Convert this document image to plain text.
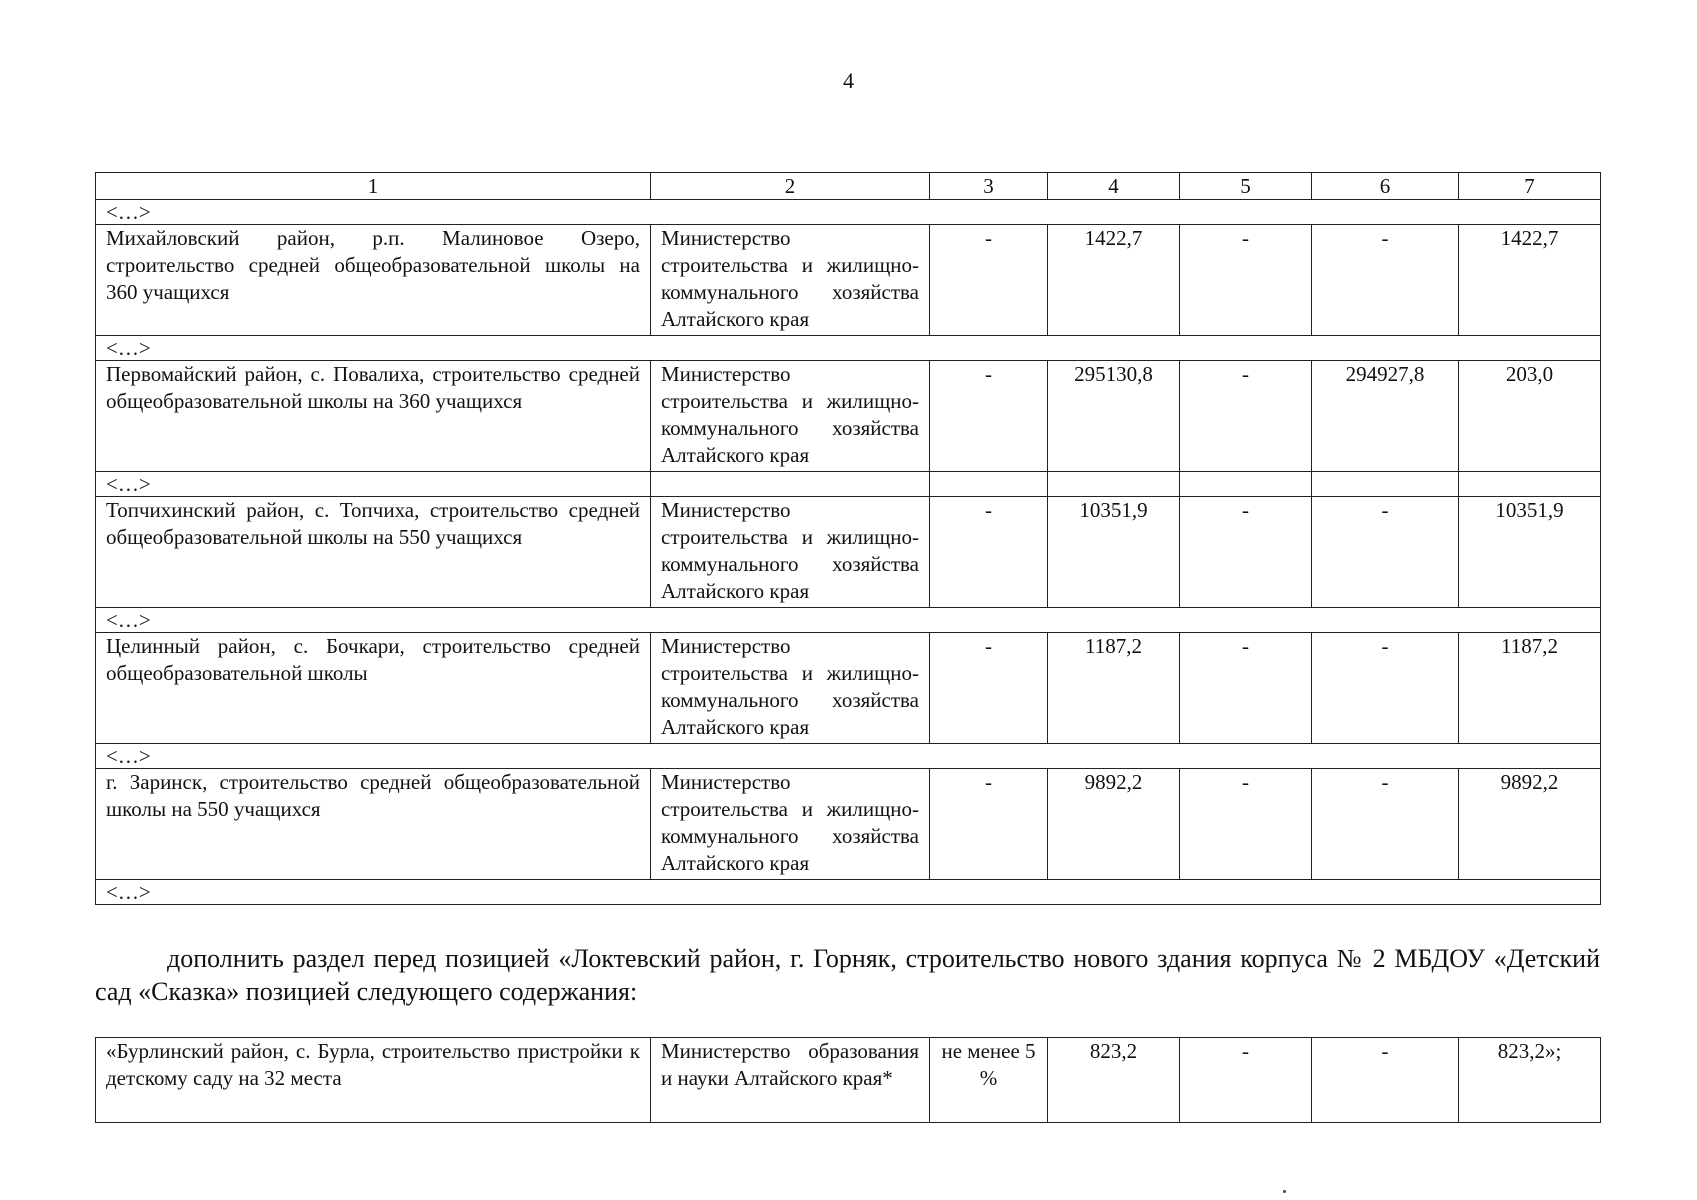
4
1	2	3	4	5	6	7
<…>						
Михайловский район, р.п. Малиновое Озеро, строительство средней общеобразовательной школы на 360 учащихся	Министерство строительства и жилищно-коммунального хозяйства Алтайского края	-	1422,7	-	-	1422,7
<…>						
Первомайский район, с. Повалиха, строительство средней общеобразовательной школы на 360 учащихся	Министерство строительства и жилищно-коммунального хозяйства Алтайского края	-	295130,8	-	294927,8	203,0
<…>						
Топчихинский район, с. Топчиха, строительство средней общеобразовательной школы на 550 учащихся	Министерство строительства и жилищно-коммунального хозяйства Алтайского края	-	10351,9	-	-	10351,9
<…>						
Целинный район, с. Бочкари, строительство средней общеобразовательной школы	Министерство строительства и жилищно-коммунального хозяйства Алтайского края	-	1187,2	-	-	1187,2
<…>						
г. Заринск, строительство средней общеобразовательной школы на 550 учащихся	Министерство строительства и жилищно-коммунального хозяйства Алтайского края	-	9892,2	-	-	9892,2
<…>						
дополнить раздел перед позицией «Локтевский район, г. Горняк, строительство нового здания корпуса № 2 МБДОУ «Детский сад «Сказка» позицией следующего содержания:
«Бурлинский район, с. Бурла, строительство пристройки к детскому саду на 32 места	Министерство образования и науки Алтайского края*	не менее 5 %	823,2	-	-	823,2»;
